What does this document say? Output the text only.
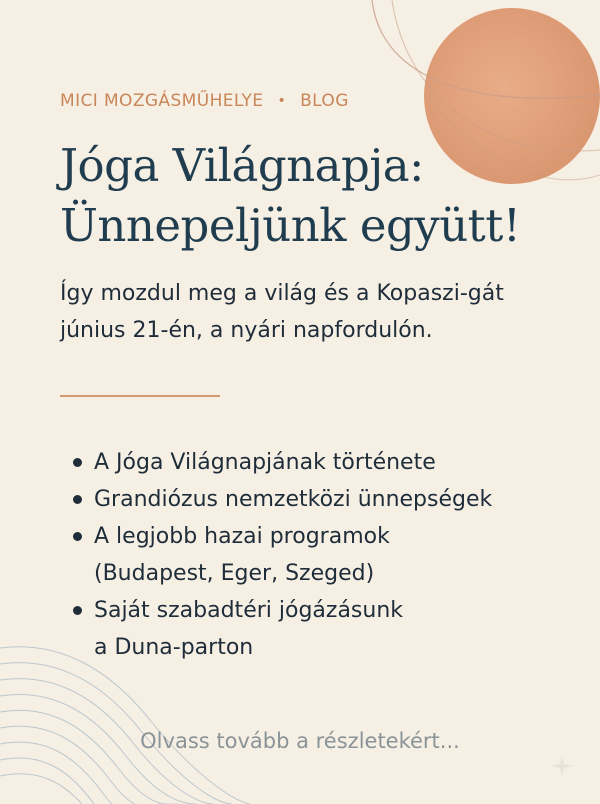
MICI MOZGÁSMŰHELYE • BLOG
Jóga Világnapja:
Ünnepeljünk együtt!

Így mozdul meg a világ és a Kopaszi-gát
június 21-én, a nyári napfordulón.

A Jóga Világnapjának története
Grandiózus nemzetközi ünnepségek
A legjobb hazai programok
(Budapest, Eger, Szeged)
Saját szabadtéri jógázásunk
a Duna-parton
Olvass tovább a részletekért...
